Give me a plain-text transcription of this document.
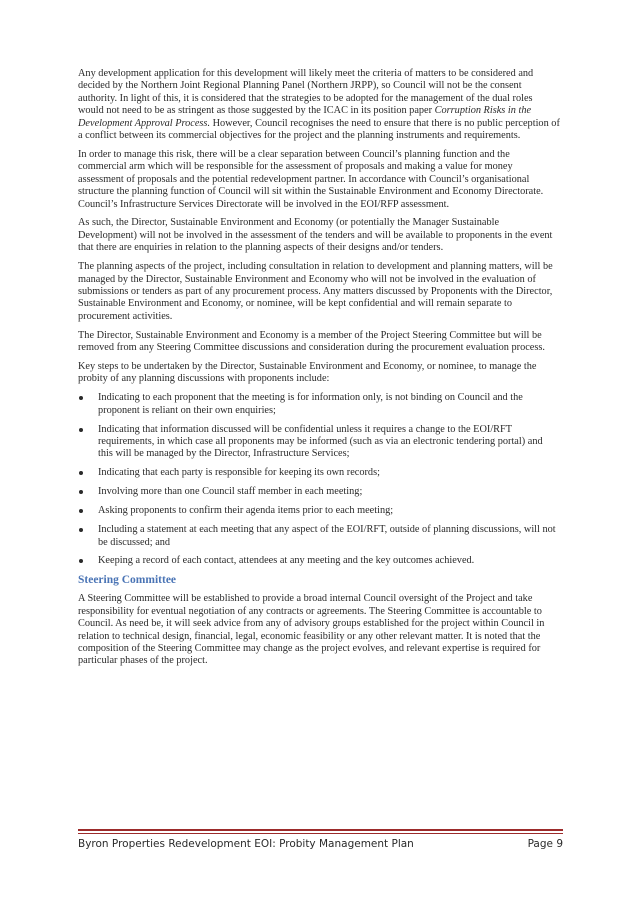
Any development application for this development will likely meet the criteria of matters to be considered and decided by the Northern Joint Regional Planning Panel (Northern JRPP), so Council will not be the consent authority. In light of this, it is considered that the strategies to be adopted for the management of the dual roles would not need to be as stringent as those suggested by the ICAC in its position paper Corruption Risks in the Development Approval Process. However, Council recognises the need to ensure that there is no public perception of a conflict between its commercial objectives for the project and the planning instruments and requirements.

In order to manage this risk, there will be a clear separation between Council’s planning function and the commercial arm which will be responsible for the assessment of proposals and making a value for money assessment of proposals and the potential redevelopment partner. In accordance with Council’s organisational structure the planning function of Council will sit within the Sustainable Environment and Economy Directorate. Council’s Infrastructure Services Directorate will be involved in the EOI/RFP assessment.

As such, the Director, Sustainable Environment and Economy (or potentially the Manager Sustainable Development) will not be involved in the assessment of the tenders and will be available to proponents in the event that there are enquiries in relation to the planning aspects of their designs and/or tenders.

The planning aspects of the project, including consultation in relation to development and planning matters, will be managed by the Director, Sustainable Environment and Economy who will not be involved in the evaluation of submissions or tenders as part of any procurement process. Any matters discussed by Proponents with the Director, Sustainable Environment and Economy, or nominee, will be kept confidential and will remain separate to procurement activities.

The Director, Sustainable Environment and Economy is a member of the Project Steering Committee but will be removed from any Steering Committee discussions and consideration during the procurement evaluation process.

Key steps to be undertaken by the Director, Sustainable Environment and Economy, or nominee, to manage the probity of any planning discussions with proponents include:

Indicating to each proponent that the meeting is for information only, is not binding on Council and the proponent is reliant on their own enquiries;
Indicating that information discussed will be confidential unless it requires a change to the EOI/RFT requirements, in which case all proponents may be informed (such as via an electronic tendering portal) and this will be managed by the Director, Infrastructure Services;
Indicating that each party is responsible for keeping its own records;
Involving more than one Council staff member in each meeting;
Asking proponents to confirm their agenda items prior to each meeting;
Including a statement at each meeting that any aspect of the EOI/RFT, outside of planning discussions, will not be discussed; and
Keeping a record of each contact, attendees at any meeting and the key outcomes achieved.
Steering Committee

A Steering Committee will be established to provide a broad internal Council oversight of the Project and take responsibility for eventual negotiation of any contracts or agreements. The Steering Committee is accountable to Council. As need be, it will seek advice from any of advisory groups established for the project within Council in relation to technical design, financial, legal, economic feasibility or any other relevant matter. It is noted that the composition of the Steering Committee may change as the project evolves, and relevant expertise is required for particular phases of the project.

Byron Properties Redevelopment EOI: Probity Management Plan	Page 9
